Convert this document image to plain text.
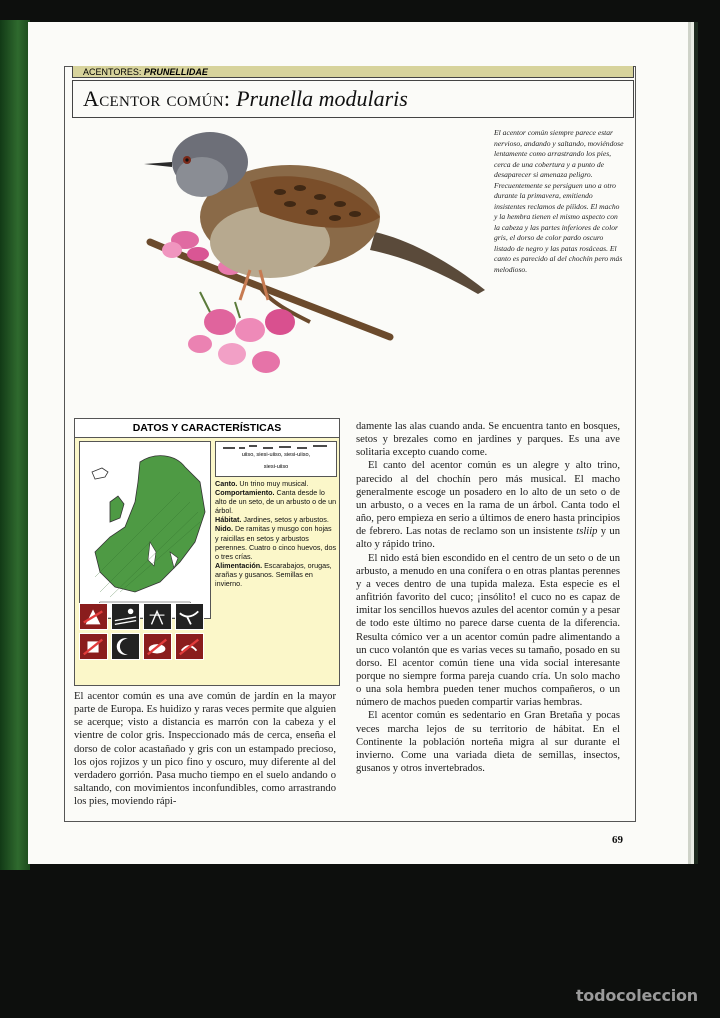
ACENTORES: PRUNELLIDAE
Acentor común: Prunella modularis
El acentor común siempre parece estar nervioso, andando y saltando, moviéndose lentamente como arrastrando los pies, cerca de una cobertura y a punto de desaparecer si amenaza peligro. Frecuentemente se persiguen uno a otro durante la primavera, emitiendo insistentes reclamos de pííidos. El macho y la hembra tienen el mismo aspecto con la cabeza y las partes inferiores de color gris, el dorso de color pardo oscuro listado de negro y las patas rosáceas. El canto es parecido al del chochín pero más melodioso.
DATOS Y CARACTERÍSTICAS
uiiso, siesi-uiiso, siesi-uiiso,
siesi-uiiso
Canto. Un trino muy musical.
Comportamiento. Canta desde lo alto de un seto, de un arbusto o de un árbol.
Hábitat. Jardines, setos y arbustos.
Nido. De ramitas y musgo con hojas y raicillas en setos y arbustos perennes. Cuatro o cinco huevos, dos o tres crías.
Alimentación. Escarabajos, orugas, arañas y gusanos. Semillas en invierno.

El acentor común es una ave común de jardín en la mayor parte de Europa. Es huidizo y raras veces permite que alguien se acerque; visto a distancia es marrón con la cabeza y el vientre de color gris. Inspeccionado más de cerca, enseña el dorso de color acastañado y gris con un estampado precioso, los ojos rojizos y un pico fino y oscuro, muy diferente al del verdadero gorrión. Pasa mucho tiempo en el suelo andando o saltando, con movimientos inconfundibles, como arrastrando los pies, moviendo rápi-

damente las alas cuando anda. Se encuentra tanto en bosques, setos y brezales como en jardines y parques. Es una ave solitaria excepto cuando come.

El canto del acentor común es un alegre y alto trino, parecido al del chochín pero más musical. El macho generalmente escoge un posadero en lo alto de un seto o de un arbusto, o a veces en la rama de un árbol. Canta todo el año, pero empieza en serio a últimos de enero hasta principios de febrero. Las notas de reclamo son un insistente tsliip y un alto y rápido trino.

El nido está bien escondido en el centro de un seto o de un arbusto, a menudo en una conífera o en otras plantas perennes y a veces dentro de una tupida maleza. Esta especie es el anfitrión favorito del cuco; ¡insólito! el cuco no es capaz de imitar los sencillos huevos azules del acentor común y a pesar de todo este último no parece darse cuenta de la diferencia. Resulta cómico ver a un acentor común padre alimentando a un cuco volantón que es varias veces su tamaño, posado en su dorso. El acentor común tiene una vida social interesante porque no siempre forma pareja cuando cría. Un solo macho o una sola hembra pueden tener muchos compañeros, o un número de machos pueden compartir varias hembras.

El acentor común es sedentario en Gran Bretaña y pocas veces marcha lejos de su territorio de hábitat. En el Continente la población norteña migra al sur durante el invierno. Come una variada dieta de semillas, insectos, gusanos y otros invertebrados.

69
todocoleccion
